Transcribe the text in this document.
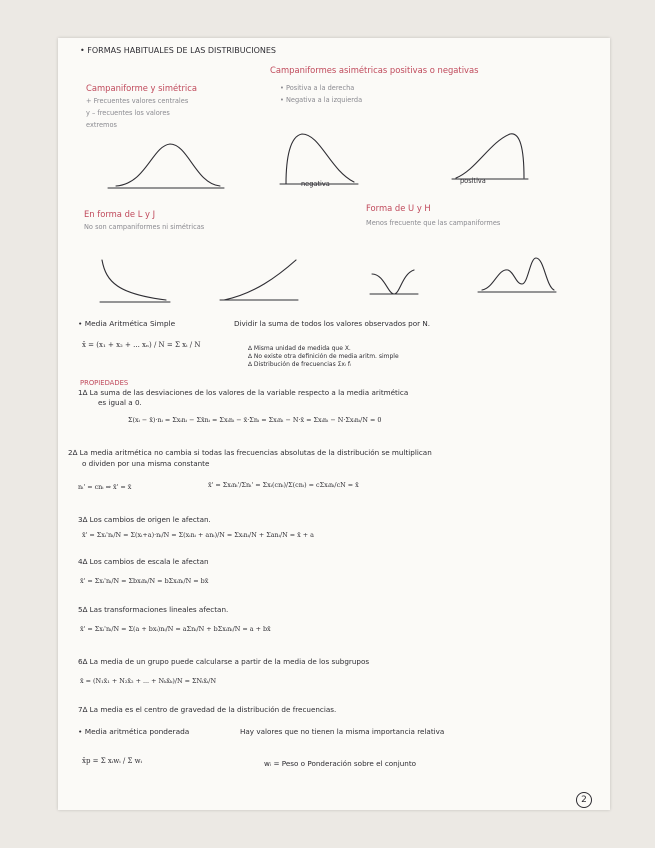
• FORMAS HABITUALES DE LAS DISTRIBUCIONES
Campaniforme y simétrica
+ Frecuentes valores centrales
y – frecuentes los valores
extremos
Campaniformes asimétricas positivas o negativas
• Positiva a la derecha
• Negativa a la izquierda
negativa	positiva
En forma de L y J
No son campaniformes ni simétricas
Forma de U y H
Menos frecuente que las campaniformes
• Media Aritmética Simple	Dividir la suma de todos los valores observados por N.
x̄ = (x₁ + x₂ + ... xₙ) / N = Σ xᵢ / N	∆ Misma unidad de medida que X.
∆ No existe otra definición de media aritm. simple
∆ Distribución de frecuencias Σxᵢ fᵢ
PROPIEDADES
1∆ La suma de las desviaciones de los valores de la variable respecto a la media aritmética
es igual a 0.
Σ(xᵢ − x̄)·nᵢ = Σxᵢnᵢ − Σx̄nᵢ = Σxᵢnᵢ − x̄·Σnᵢ = Σxᵢnᵢ − N·x̄ = Σxᵢnᵢ − N·Σxᵢnᵢ/N = 0
2∆ La media aritmética no cambia si todas las frecuencias absolutas de la distribución se multiplican
o dividen por una misma constante
nᵢ' = cnᵢ ⇒ x̄' = x̄	x̄' = Σxᵢnᵢ'/Σnᵢ' = Σxᵢ(cnᵢ)/Σ(cnᵢ) = cΣxᵢnᵢ/cN = x̄
3∆ Los cambios de origen le afectan.
x̄' = Σxᵢ'nᵢ/N = Σ(xᵢ+a)·nᵢ/N = Σ(xᵢnᵢ + anᵢ)/N = Σxᵢnᵢ/N + Σanᵢ/N = x̄ + a
4∆ Los cambios de escala le afectan
x̄' = Σxᵢ'nᵢ/N = Σbxᵢnᵢ/N = bΣxᵢnᵢ/N = bx̄
5∆ Las transformaciones lineales afectan.
x̄' = Σxᵢ'nᵢ/N = Σ(a + bxᵢ)nᵢ/N = aΣnᵢ/N + bΣxᵢnᵢ/N = a + bx̄
6∆ La media de un grupo puede calcularse a partir de la media de los subgrupos
x̄ = (N₁x̄₁ + N₂x̄₂ + ... + Nₖx̄ₖ)/N = ΣNᵢx̄ᵢ/N
7∆ La media es el centro de gravedad de la distribución de frecuencias.
• Media aritmética ponderada	Hay valores que no tienen la misma importancia relativa
x̄p = Σ xᵢwᵢ / Σ wᵢ	wᵢ = Peso o Ponderación sobre el conjunto
2
